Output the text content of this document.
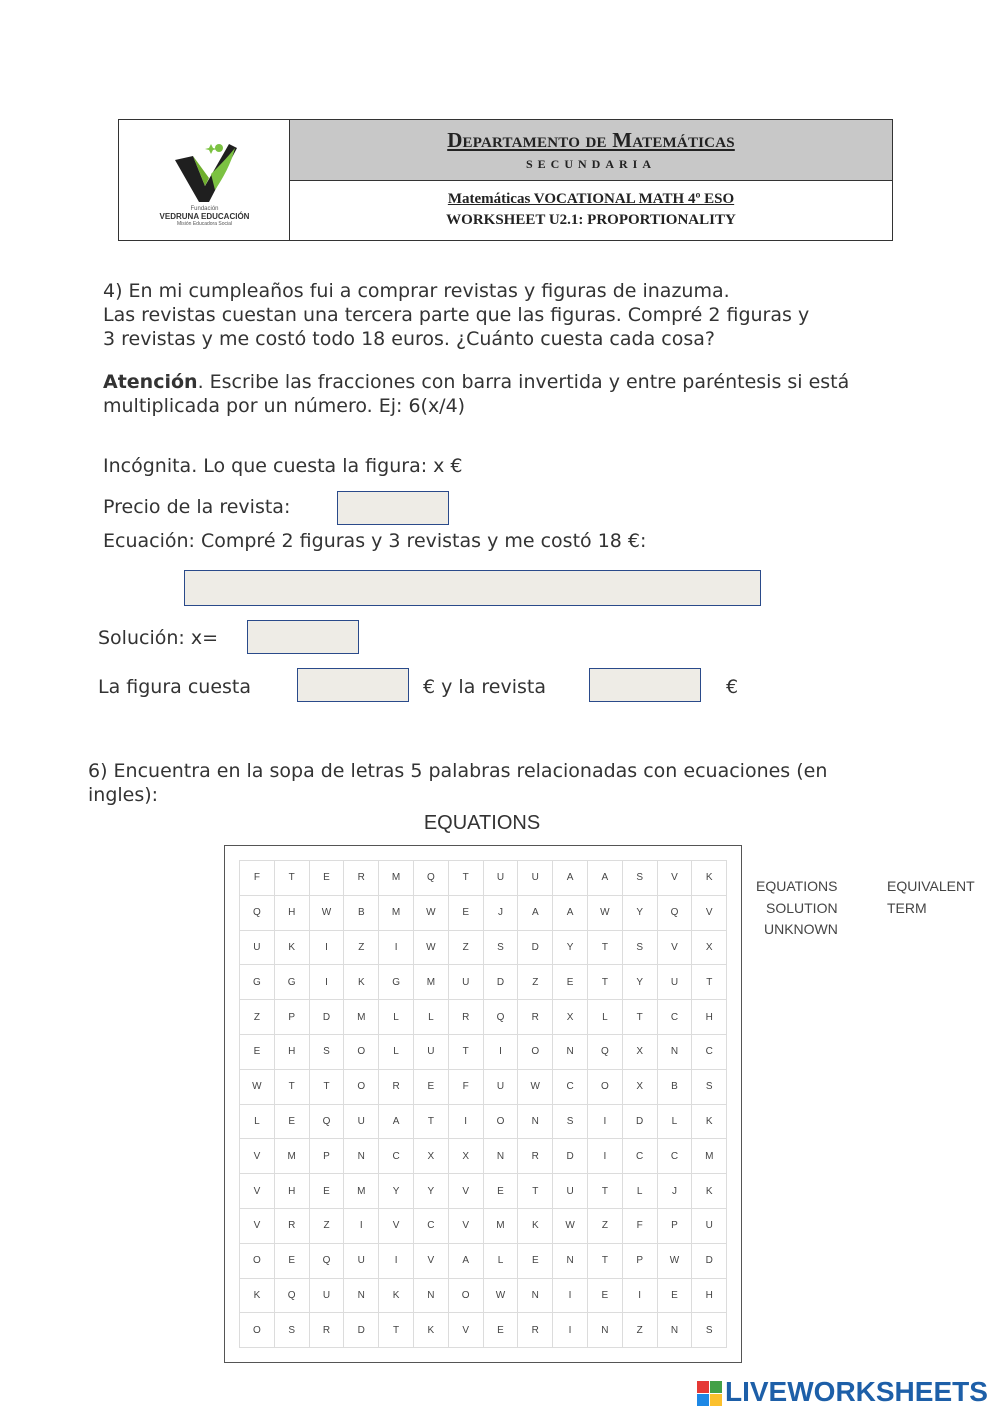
Fundación
VEDRUNA EDUCACIÓN
Misión Educadora Social
Departamento de Matemáticas
SECUNDARIA
Matemáticas VOCATIONAL MATH 4º ESO
WORKSHEET U2.1: PROPORTIONALITY
4) En mi cumpleaños fui a comprar revistas y figuras de inazuma.
Las revistas cuestan una tercera parte que las figuras. Compré 2 figuras y
3 revistas y me costó todo 18 euros. ¿Cuánto cuesta cada cosa?
Atención. Escribe las fracciones con barra invertida y entre paréntesis si está
multiplicada por un número. Ej: 6(x/4)
Incógnita. Lo que cuesta la figura: x €
Precio de la revista:
Ecuación: Compré 2 figuras y 3 revistas y me costó 18 €:
Solución: x=
La figura cuesta	€ y la revista	€
6) Encuentra en la sopa de letras 5 palabras relacionadas con ecuaciones (en
ingles):
EQUATIONS
F	T	E	R	M	Q	T	U	U	A	A	S	V	K
Q	H	W	B	M	W	E	J	A	A	W	Y	Q	V
U	K	I	Z	I	W	Z	S	D	Y	T	S	V	X
G	G	I	K	G	M	U	D	Z	E	T	Y	U	T
Z	P	D	M	L	L	R	Q	R	X	L	T	C	H
E	H	S	O	L	U	T	I	O	N	Q	X	N	C
W	T	T	O	R	E	F	U	W	C	O	X	B	S
L	E	Q	U	A	T	I	O	N	S	I	D	L	K
V	M	P	N	C	X	X	N	R	D	I	C	C	M
V	H	E	M	Y	Y	V	E	T	U	T	L	J	K
V	R	Z	I	V	C	V	M	K	W	Z	F	P	U
O	E	Q	U	I	V	A	L	E	N	T	P	W	D
K	Q	U	N	K	N	O	W	N	I	E	I	E	H
O	S	R	D	T	K	V	E	R	I	N	Z	N	S
EQUATIONS
SOLUTION
UNKNOWN
EQUIVALENT
TERM
LIVEWORKSHEETS
